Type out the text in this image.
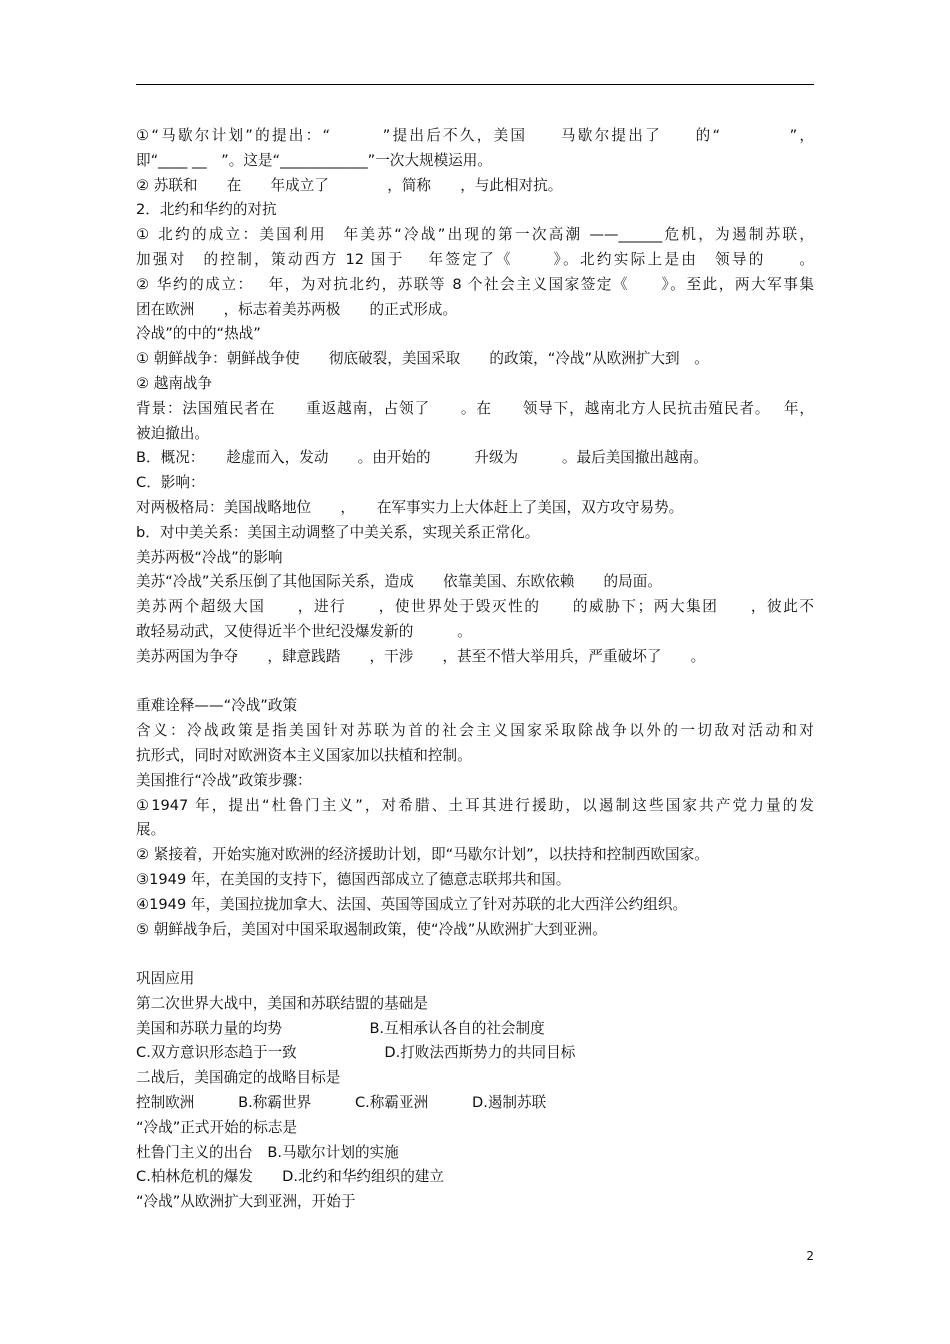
①“马歇尔计划”的提出：“　　　”提出后不久，美国　　马歇尔提出了　　的“　　　　”，
即“____ __　”。这是“____________”一次大规模运用。
② 苏联和　　在　　年成立了　　　　，简称　　，与此相对抗。
2．北约和华约的对抗
① 北约的成立：美国利用　年美苏“冷战”出现的第一次高潮 ——______危机，为遏制苏联，
加强对　的控制，策动西方 12 国于　 年签定了《　　 》。北约实际上是由　领导的　　。
② 华约的成立：　 年，为对抗北约，苏联等 8 个社会主义国家签定《　　》。至此，两大军事集
团在欧洲　　，标志着美苏两极　　的正式形成。
冷战”的中的“热战”
① 朝鲜战争：朝鲜战争使　　彻底破裂，美国采取　　的政策，“冷战”从欧洲扩大到　。
② 越南战争
背景：法国殖民者在　　重返越南，占领了　　。在　　领导下，越南北方人民抗击殖民者。　 年，
被迫撤出。
B．概况：　　趁虚而入，发动　　。由开始的　　　升级为　　　。最后美国撤出越南。
C．影响：
对两极格局：美国战略地位　　，　　在军事实力上大体赶上了美国，双方攻守易势。
b．对中美关系：美国主动调整了中美关系，实现关系正常化。
美苏两极“冷战”的影响
美苏“冷战”关系压倒了其他国际关系，造成　　依靠美国、东欧依赖　　的局面。
美苏两个超级大国　　，进行　　，使世界处于毁灭性的　　的威胁下；两大集团　　，彼此不
敢轻易动武，又使得近半个世纪没爆发新的　　　。
美苏两国为争夺　　，肆意践踏　　，干涉　　，甚至不惜大举用兵，严重破坏了　　。
重难诠释——“冷战”政策
含义：冷战政策是指美国针对苏联为首的社会主义国家采取除战争以外的一切敌对活动和对
抗形式，同时对欧洲资本主义国家加以扶植和控制。
美国推行“冷战”政策步骤：
①1947 年，提出“杜鲁门主义”，对希腊、土耳其进行援助，以遏制这些国家共产党力量的发
展。
② 紧接着，开始实施对欧洲的经济援助计划，即“马歇尔计划”，以扶持和控制西欧国家。
③1949 年，在美国的支持下，德国西部成立了德意志联邦共和国。
④1949 年，美国拉拢加拿大、法国、英国等国成立了针对苏联的北大西洋公约组织。
⑤ 朝鲜战争后，美国对中国采取遏制政策，使“冷战”从欧洲扩大到亚洲。
巩固应用
第二次世界大战中，美国和苏联结盟的基础是
美国和苏联力量的均势　　　　　　B.互相承认各自的社会制度
C.双方意识形态趋于一致　　　　　　D.打败法西斯势力的共同目标
二战后，美国确定的战略目标是
控制欧洲　　　B.称霸世界　　　C.称霸亚洲　　　D.遏制苏联
“冷战”正式开始的标志是
杜鲁门主义的出台　B.马歇尔计划的实施
C.柏林危机的爆发　　D.北约和华约组织的建立
“冷战”从欧洲扩大到亚洲，开始于
2
